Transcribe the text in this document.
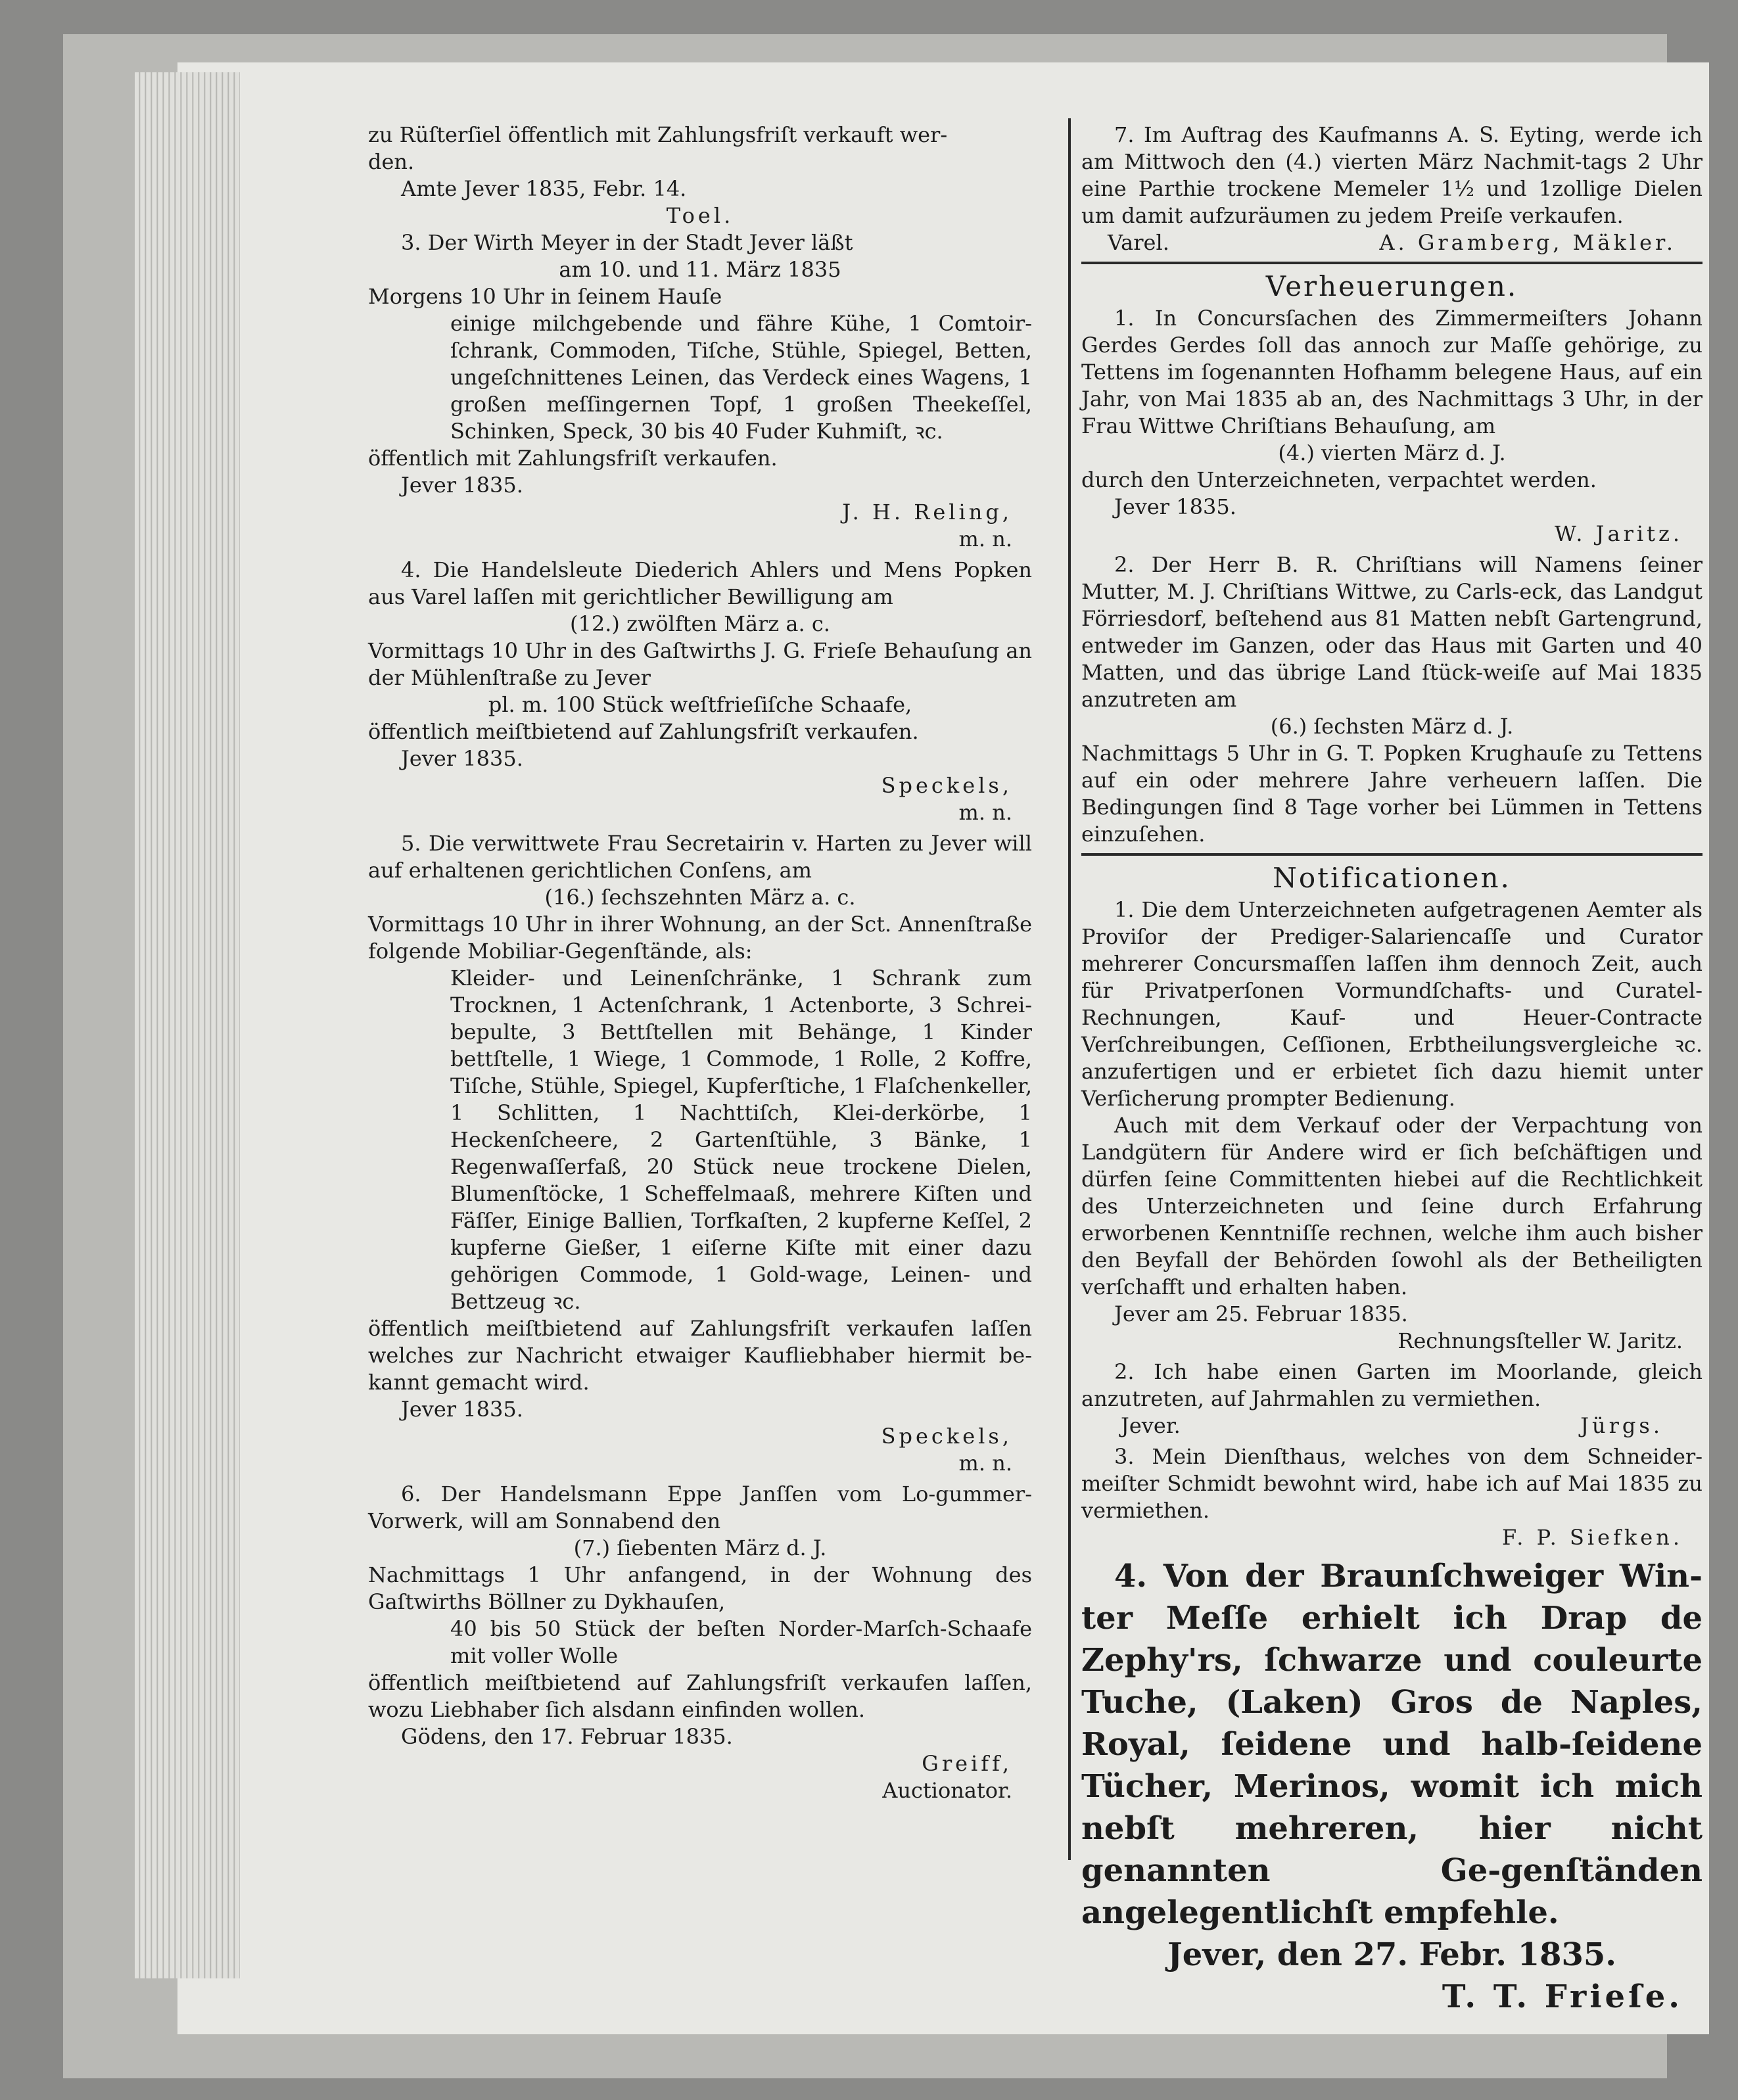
zu Rüſterſiel öffentlich mit Zahlungsfriſt verkauft wer-

den.

Amte Jever 1835, Febr. 14.

Toel.

3. Der Wirth Meyer in der Stadt Jever läßt

am 10. und 11. März 1835

Morgens 10 Uhr in ſeinem Hauſe

einige milchgebende und fähre Kühe, 1 Comtoir-ſchrank, Commoden, Tiſche, Stühle, Spiegel, Betten, ungeſchnittenes Leinen, das Verdeck eines Wagens, 1 großen meſſingernen Topf, 1 großen Theekeſſel, Schinken, Speck, 30 bis 40 Fuder Kuhmiſt, ꝛc.

öffentlich mit Zahlungsfriſt verkaufen.

Jever 1835.

J. H. Reling,

m. n.

4. Die Handelsleute Diederich Ahlers und Mens Popken aus Varel laſſen mit gerichtlicher Bewilligung am

(12.) zwölften März a. c.

Vormittags 10 Uhr in des Gaſtwirths J. G. Frieſe Behauſung an der Mühlenſtraße zu Jever

pl. m. 100 Stück weſtfrieſiſche Schaafe,

öffentlich meiſtbietend auf Zahlungsfriſt verkaufen.

Jever 1835.

Speckels,

m. n.

5. Die verwittwete Frau Secretairin v. Harten zu Jever will auf erhaltenen gerichtlichen Conſens, am

(16.) ſechszehnten März a. c.

Vormittags 10 Uhr in ihrer Wohnung, an der Sct. Annenſtraße folgende Mobiliar-Gegenſtände, als:

Kleider- und Leinenſchränke, 1 Schrank zum Trocknen, 1 Actenſchrank, 1 Actenborte, 3 Schrei-bepulte, 3 Bettſtellen mit Behänge, 1 Kinder bettſtelle, 1 Wiege, 1 Commode, 1 Rolle, 2 Koffre, Tiſche, Stühle, Spiegel, Kupferſtiche, 1 Flaſchenkeller, 1 Schlitten, 1 Nachttiſch, Klei-derkörbe, 1 Heckenſcheere, 2 Gartenſtühle, 3 Bänke, 1 Regenwaſſerfaß, 20 Stück neue trockene Dielen, Blumenſtöcke, 1 Scheffelmaaß, mehrere Kiſten und Fäſſer, Einige Ballien, Torfkaſten, 2 kupferne Keſſel, 2 kupferne Gießer, 1 eiſerne Kiſte mit einer dazu gehörigen Commode, 1 Gold-wage, Leinen- und Bettzeug ꝛc.

öffentlich meiſtbietend auf Zahlungsfriſt verkaufen laſſen welches zur Nachricht etwaiger Kaufliebhaber hiermit be-kannt gemacht wird.

Jever 1835.

Speckels,

m. n.

6. Der Handelsmann Eppe Janſſen vom Lo-gummer-Vorwerk, will am Sonnabend den

(7.) ſiebenten März d. J.

Nachmittags 1 Uhr anfangend, in der Wohnung des Gaſtwirths Böllner zu Dykhauſen,

40 bis 50 Stück der beſten Norder-Marſch-Schaafe mit voller Wolle

öffentlich meiſtbietend auf Zahlungsfriſt verkaufen laſſen, wozu Liebhaber ſich alsdann einfinden wollen.

Gödens, den 17. Februar 1835.

Greiff,

Auctionator.

7. Im Auftrag des Kaufmanns A. S. Eyting, werde ich am Mittwoch den (4.) vierten März Nachmit-tags 2 Uhr eine Parthie trockene Memeler 1½ und 1zollige Dielen um damit aufzuräumen zu jedem Preiſe verkaufen.

Varel.	A. Gramberg, Mäkler.

Verheuerungen.

1. In Concursſachen des Zimmermeiſters Johann Gerdes Gerdes ſoll das annoch zur Maſſe gehörige, zu Tettens im ſogenannten Hofhamm belegene Haus, auf ein Jahr, von Mai 1835 ab an, des Nachmittags 3 Uhr, in der Frau Wittwe Chriſtians Behauſung, am

(4.) vierten März d. J.

durch den Unterzeichneten, verpachtet werden.

Jever 1835.

W. Jaritz.

2. Der Herr B. R. Chriſtians will Namens ſeiner Mutter, M. J. Chriſtians Wittwe, zu Carls-eck, das Landgut Förriesdorf, beſtehend aus 81 Matten nebſt Gartengrund, entweder im Ganzen, oder das Haus mit Garten und 40 Matten, und das übrige Land ſtück-weiſe auf Mai 1835 anzutreten am

(6.) ſechsten März d. J.

Nachmittags 5 Uhr in G. T. Popken Krughauſe zu Tettens auf ein oder mehrere Jahre verheuern laſſen. Die Bedingungen ſind 8 Tage vorher bei Lümmen in Tettens einzuſehen.

Notificationen.

1. Die dem Unterzeichneten aufgetragenen Aemter als Proviſor der Prediger-Salariencaſſe und Curator mehrerer Concursmaſſen laſſen ihm dennoch Zeit, auch für Privatperſonen Vormundſchafts- und Curatel-Rechnungen, Kauf- und Heuer-Contracte Verſchreibungen, Ceſſionen, Erbtheilungsvergleiche ꝛc. anzufertigen und er erbietet ſich dazu hiemit unter Verſicherung prompter Bedienung.

Auch mit dem Verkauf oder der Verpachtung von Landgütern für Andere wird er ſich beſchäftigen und dürfen ſeine Committenten hiebei auf die Rechtlichkeit des Unterzeichneten und ſeine durch Erfahrung erworbenen Kenntniſſe rechnen, welche ihm auch bisher den Beyfall der Behörden ſowohl als der Betheiligten verſchafft und erhalten haben.

Jever am 25. Februar 1835.

Rechnungsſteller W. Jaritz.

2. Ich habe einen Garten im Moorlande, gleich anzutreten, auf Jahrmahlen zu vermiethen.

Jever.	Jürgs.

3. Mein Dienſthaus, welches von dem Schneider-meiſter Schmidt bewohnt wird, habe ich auf Mai 1835 zu vermiethen.

F. P. Siefken.

4. Von der Braunſchweiger Win-ter Meſſe erhielt ich Drap de Zephy'rs, ſchwarze und couleurte Tuche, (Laken) Gros de Naples, Royal, ſeidene und halb-ſeidene Tücher, Merinos, womit ich mich nebſt mehreren, hier nicht genannten Ge-genſtänden angelegentlichſt empfehle.

Jever, den 27. Febr. 1835.

T. T. Frieſe.
